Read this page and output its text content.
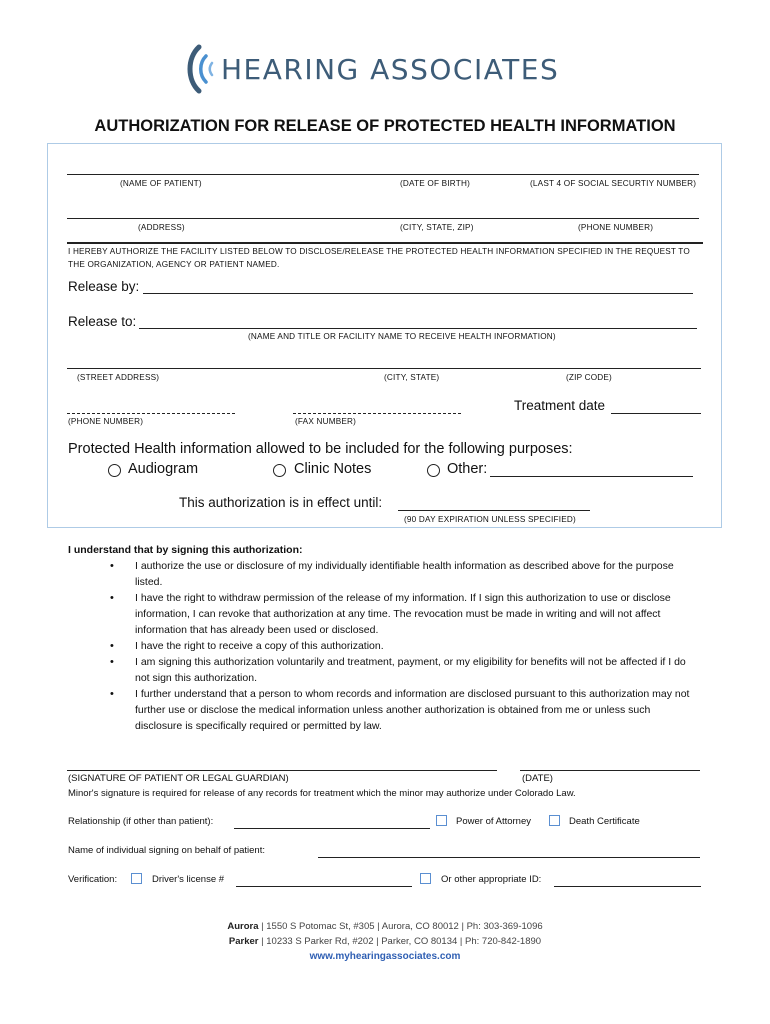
HEARING ASSOCIATES
AUTHORIZATION FOR RELEASE OF PROTECTED HEALTH INFORMATION
(NAME OF PATIENT)	(DATE OF BIRTH)	(LAST 4 OF SOCIAL SECURTIY NUMBER)
(ADDRESS)	(CITY, STATE, ZIP)	(PHONE NUMBER)
I HEREBY AUTHORIZE THE FACILITY LISTED BELOW TO DISCLOSE/RELEASE THE PROTECTED HEALTH INFORMATION SPECIFIED IN THE REQUEST TO THE ORGANIZATION, AGENCY OR PATIENT NAMED.
Release by:
Release to:
(NAME AND TITLE OR FACILITY NAME TO RECEIVE HEALTH INFORMATION)
(STREET ADDRESS)	(CITY, STATE)	(ZIP CODE)
(PHONE NUMBER)	(FAX NUMBER)
Treatment date
Protected Health information allowed to be included for the following purposes:
Audiogram	Clinic Notes	Other:
This authorization is in effect until:
(90 DAY EXPIRATION UNLESS SPECIFIED)
I understand that by signing this authorization:
• I authorize the use or disclosure of my individually identifiable health information as described above for the purpose listed.
• I have the right to withdraw permission of the release of my information. If I sign this authorization to use or disclose information, I can revoke that authorization at any time. The revocation must be made in writing and will not affect information that has already been used or disclosed.
• I have the right to receive a copy of this authorization.
• I am signing this authorization voluntarily and treatment, payment, or my eligibility for benefits will not be affected if I do not sign this authorization.
• I further understand that a person to whom records and information are disclosed pursuant to this authorization may not further use or disclose the medical information unless another authorization is obtained from me or unless such disclosure is specifically required or permitted by law.
(SIGNATURE OF PATIENT OR LEGAL GUARDIAN)	(DATE)
Minor's signature is required for release of any records for treatment which the minor may authorize under Colorado Law.
Relationship (if other than patient):	Power of Attorney	Death Certificate
Name of individual signing on behalf of patient:
Verification:	Driver's license #	Or other appropriate ID:
Aurora | 1550 S Potomac St, #305 | Aurora, CO 80012 | Ph: 303-369-1096
Parker | 10233 S Parker Rd, #202 | Parker, CO 80134 | Ph: 720-842-1890
www.myhearingassociates.com
